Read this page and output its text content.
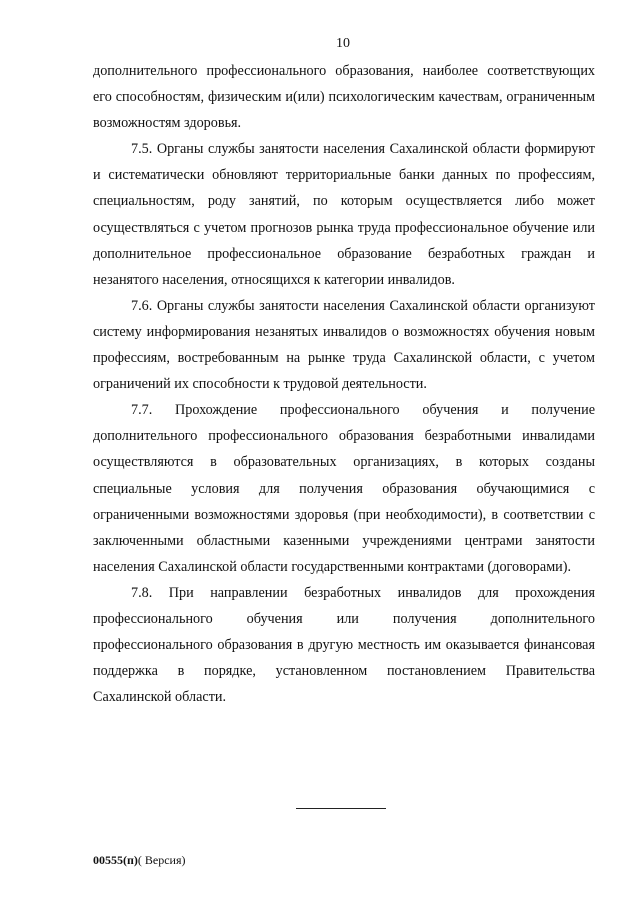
10

дополнительного профессионального образования, наиболее соответствующих его способностям, физическим и(или) психологическим качествам, ограниченным возможностям здоровья.

7.5. Органы службы занятости населения Сахалинской области формируют и систематически обновляют территориальные банки данных по профессиям, специальностям, роду занятий, по которым осуществляется либо может осуществляться с учетом прогнозов рынка труда профессиональное обучение или дополнительное профессиональное образование безработных граждан и незанятого населения, относящихся к категории инвалидов.

7.6. Органы службы занятости населения Сахалинской области организуют систему информирования незанятых инвалидов о возможностях обучения новым профессиям, востребованным на рынке труда Сахалинской области, с учетом ограничений их способности к трудовой деятельности.

7.7. Прохождение профессионального обучения и получение дополнительного профессионального образования безработными инвалидами осуществляются в образовательных организациях, в которых созданы специальные условия для получения образования обучающимися с ограниченными возможностями здоровья (при необходимости), в соответствии с заключенными областными казенными учреждениями центрами занятости населения Сахалинской области государственными контрактами (договорами).

7.8. При направлении безработных инвалидов для прохождения профессионального обучения или получения дополнительного профессионального образования в другую местность им оказывается финансовая поддержка в порядке, установленном постановлением Правительства Сахалинской области.

00555(п)( Версия)
